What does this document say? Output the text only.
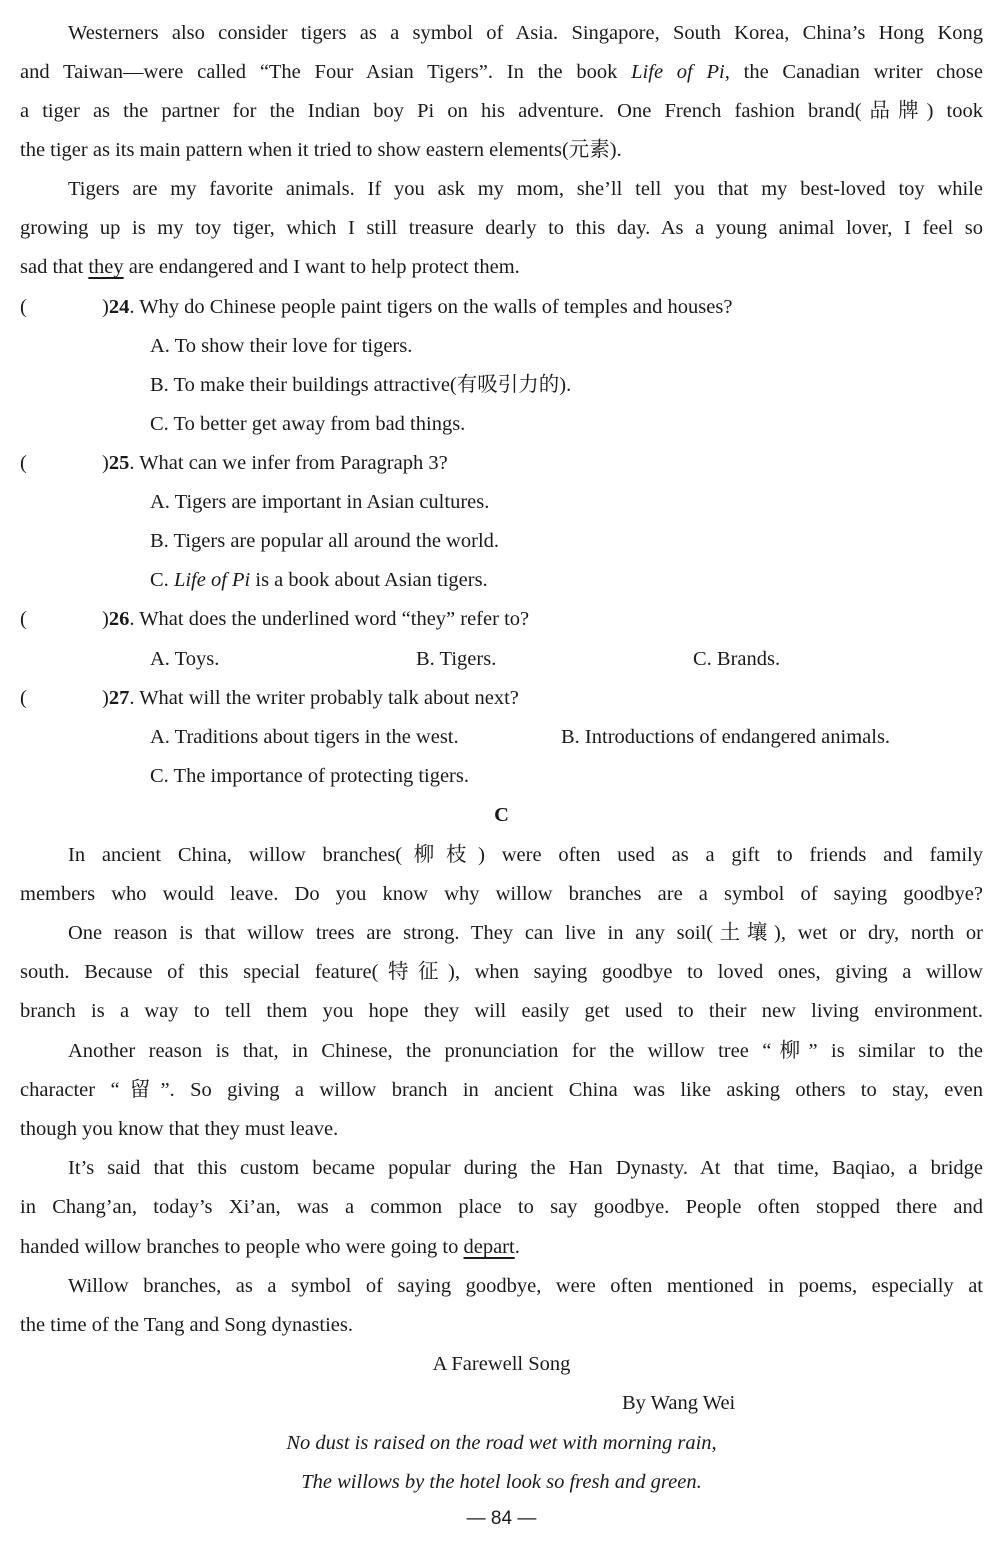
Westerners also consider tigers as a symbol of Asia. Singapore, South Korea, China’s Hong Kong
and Taiwan—were called “The Four Asian Tigers”. In the book Life of Pi, the Canadian writer chose
a tiger as the partner for the Indian boy Pi on his adventure. One French fashion brand(品牌) took
the tiger as its main pattern when it tried to show eastern elements(元素).
Tigers are my favorite animals. If you ask my mom, she’ll tell you that my best-loved toy while
growing up is my toy tiger, which I still treasure dearly to this day. As a young animal lover, I feel so
sad that they are endangered and I want to help protect them.
(	)24. Why do Chinese people paint tigers on the walls of temples and houses?
A. To show their love for tigers.
B. To make their buildings attractive(有吸引力的).
C. To better get away from bad things.
(	)25. What can we infer from Paragraph 3?
A. Tigers are important in Asian cultures.
B. Tigers are popular all around the world.
C. Life of Pi is a book about Asian tigers.
(	)26. What does the underlined word “they” refer to?
A. Toys.	B. Tigers.	C. Brands.
(	)27. What will the writer probably talk about next?
A. Traditions about tigers in the west.	B. Introductions of endangered animals.
C. The importance of protecting tigers.
C
In ancient China, willow branches(柳枝) were often used as a gift to friends and family
members who would leave. Do you know why willow branches are a symbol of saying goodbye?
One reason is that willow trees are strong. They can live in any soil(土壤), wet or dry, north or
south. Because of this special feature(特征), when saying goodbye to loved ones, giving a willow
branch is a way to tell them you hope they will easily get used to their new living environment.
Another reason is that, in Chinese, the pronunciation for the willow tree “柳” is similar to the
character “留”. So giving a willow branch in ancient China was like asking others to stay, even
though you know that they must leave.
It’s said that this custom became popular during the Han Dynasty. At that time, Baqiao, a bridge
in Chang’an, today’s Xi’an, was a common place to say goodbye. People often stopped there and
handed willow branches to people who were going to depart.
Willow branches, as a symbol of saying goodbye, were often mentioned in poems, especially at
the time of the Tang and Song dynasties.
A Farewell Song
By Wang Wei
No dust is raised on the road wet with morning rain,
The willows by the hotel look so fresh and green.
— 84 —
